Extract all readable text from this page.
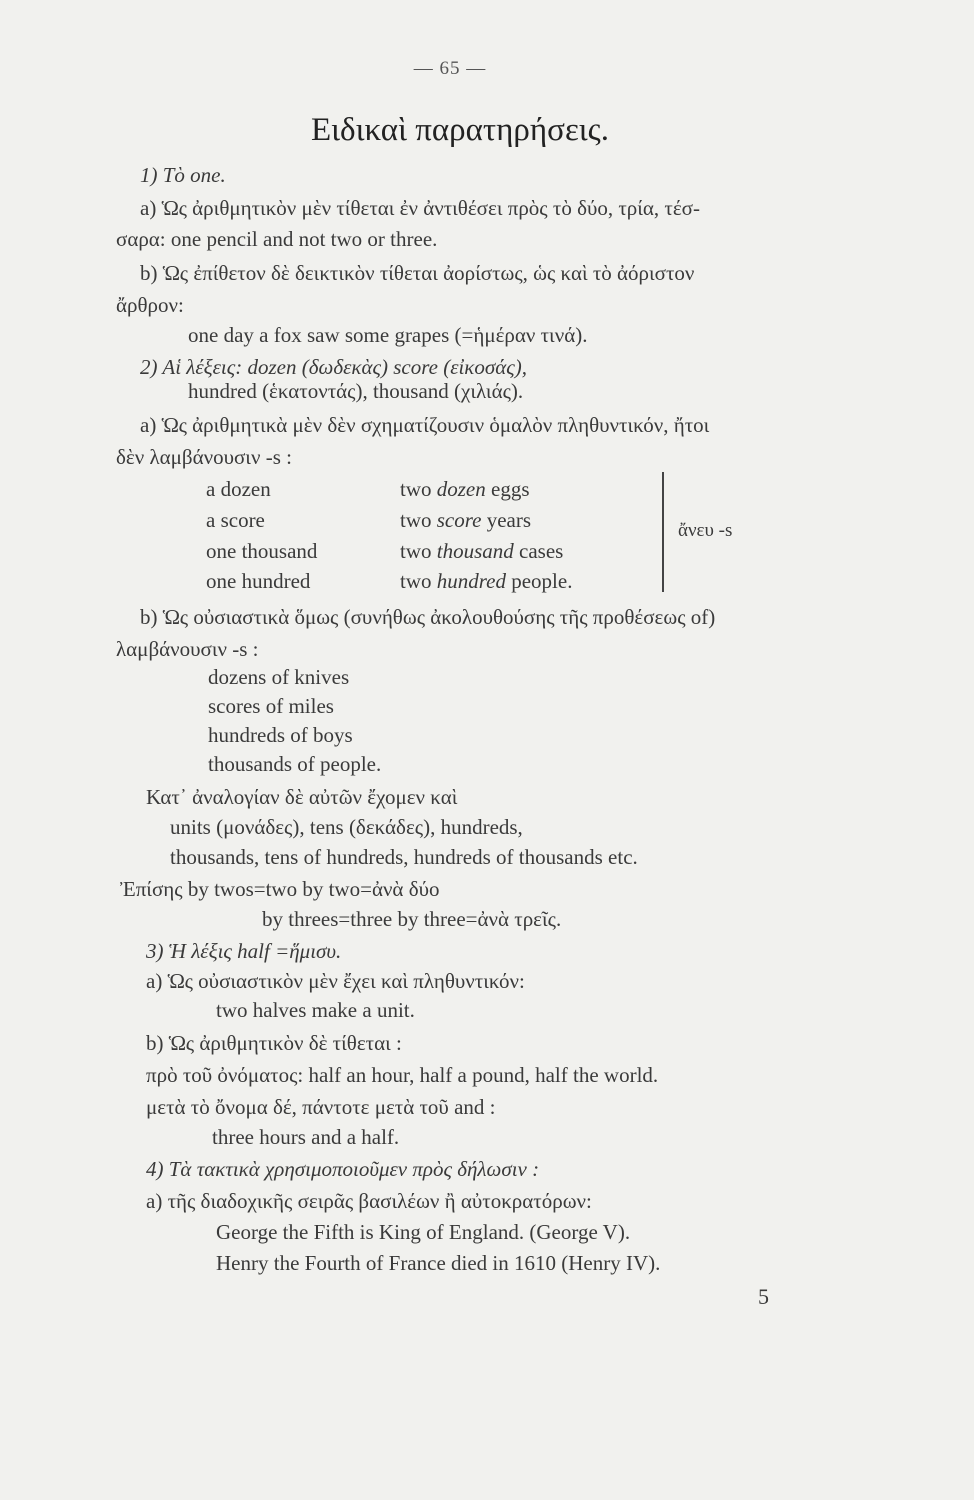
— 65 —
Ειδικαὶ παρατηρήσεις.
1) Τὸ one.
a) Ὡς ἀριθμητικὸν μὲν τίθεται ἐν ἀντιθέσει πρὸς τὸ δύο, τρία, τέσ-
σαρα: one pencil and not two or three.
b) Ὡς ἐπίθετον δὲ δεικτικὸν τίθεται ἀορίστως, ὡς καὶ τὸ ἀόριστον
ἄρθρον:
one day a fox saw some grapes (=ἡμέραν τινά).
2) Αἱ λέξεις: dozen (δωδεκὰς) score (εἰκοσάς),
hundred (ἑκατοντάς), thousand (χιλιάς).
a) Ὡς ἀριθμητικὰ μὲν δὲν σχηματίζουσιν ὁμαλὸν πληθυντικόν, ἤτοι
δὲν λαμβάνουσιν -s :
a dozen
a score
one thousand
one hundred
two dozen eggs
two score years
two thousand cases
two hundred people.
ἄνευ -s
b) Ὡς οὐσιαστικὰ ὅμως (συνήθως ἀκολουθούσης τῆς προθέσεως of)
λαμβάνουσιν -s :
dozens of knives
scores of miles
hundreds of boys
thousands of people.
Κατ᾽ ἀναλογίαν δὲ αὐτῶν ἔχομεν καὶ
units (μονάδες), tens (δεκάδες), hundreds,
thousands, tens of hundreds, hundreds of thousands etc.
Ἐπίσης by twos=two by two=ἀνὰ δύο
by threes=three by three=ἀνὰ τρεῖς.
3) Ἡ λέξις half =ἥμισυ.
a) Ὡς οὐσιαστικὸν μὲν ἔχει καὶ πληθυντικόν:
two halves make a unit.
b) Ὡς ἀριθμητικὸν δὲ τίθεται :
πρὸ τοῦ ὀνόματος: half an hour, half a pound, half the world.
μετὰ τὸ ὄνομα δέ, πάντοτε μετὰ τοῦ and :
three hours and a half.
4) Τὰ τακτικὰ χρησιμοποιοῦμεν πρὸς δήλωσιν :
a) τῆς διαδοχικῆς σειρᾶς βασιλέων ἢ αὐτοκρατόρων:
George the Fifth is King of England. (George V).
Henry the Fourth of France died in 1610 (Henry IV).
5
